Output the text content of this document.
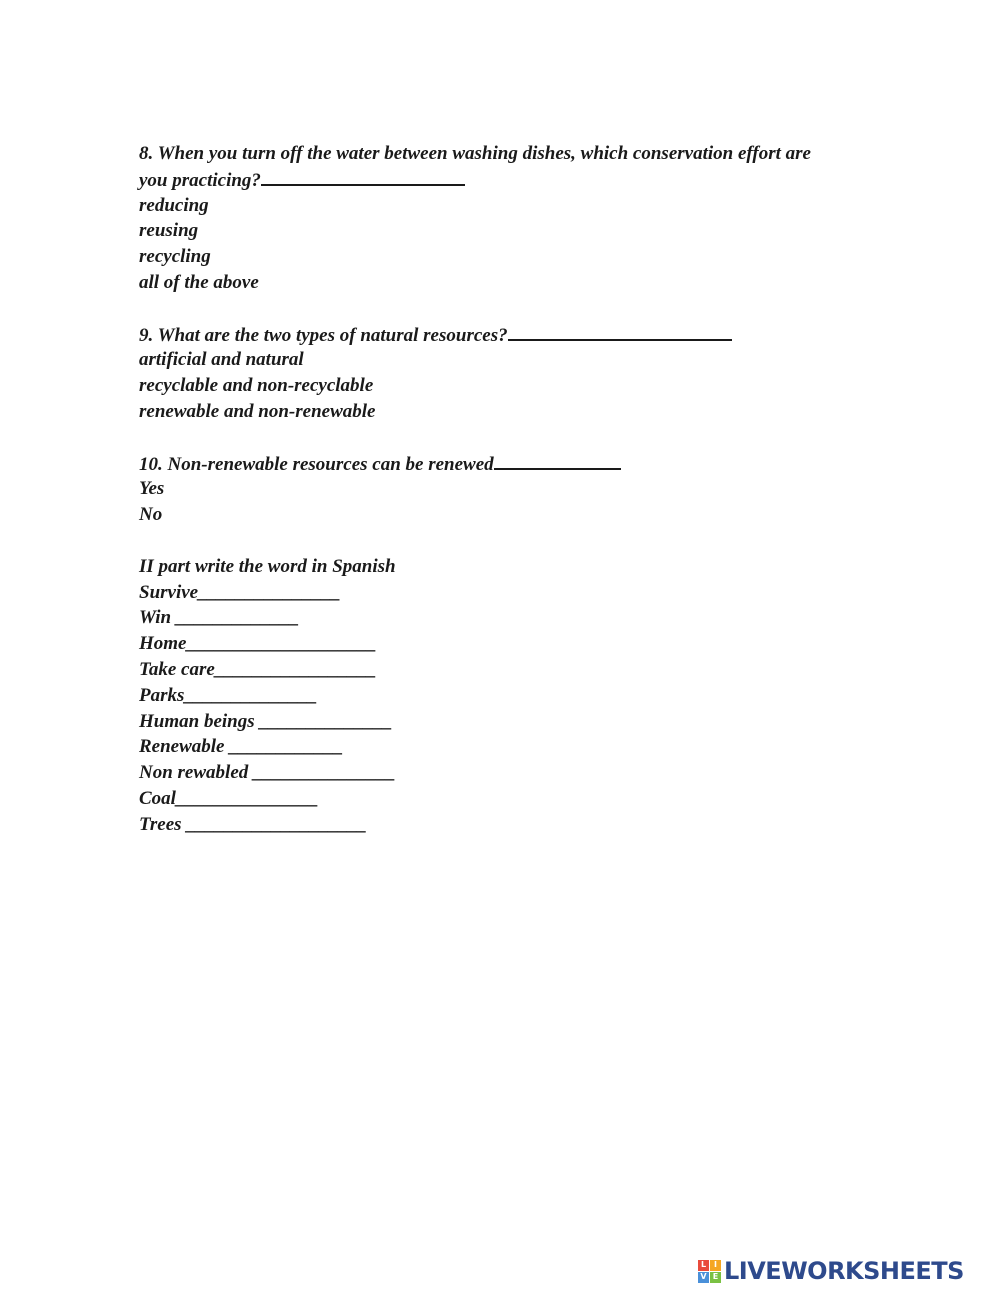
8. When you turn off the water between washing dishes, which conservation effort are
you practicing?
reducing
reusing
recycling
all of the above
9. What are the two types of natural resources?
artificial and natural
recyclable and non-recyclable
renewable and non-renewable
10. Non-renewable resources can be renewed
Yes
No
II part write the word in Spanish
Survive_______________
Win _____________
Home____________________
Take care_________________
Parks______________
Human beings ______________
Renewable ____________
Non rewabled _______________
Coal_______________
Trees ___________________
L I
V E LIVEWORKSHEETS
